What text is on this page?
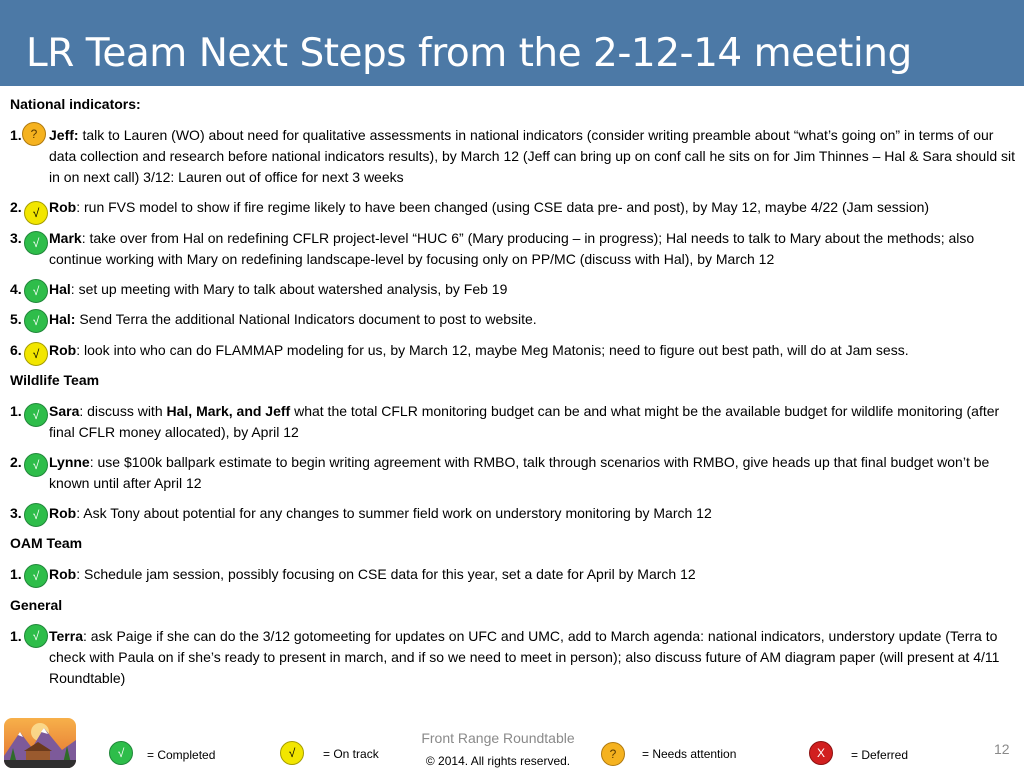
LR Team Next Steps from the 2-12-14 meeting
National indicators:
1. ? Jeff: talk to Lauren (WO) about need for qualitative assessments in national indicators (consider writing preamble about “what’s going on” in terms of our data collection and research before national indicators results), by March 12 (Jeff can bring up on conf call he sits on for Jim Thinnes – Hal & Sara should sit in on next call) 3/12: Lauren out of office for next 3 weeks
2. √ Rob: run FVS model to show if fire regime likely to have been changed (using CSE data pre- and post), by May 12, maybe 4/22 (Jam session)
3. √ Mark: take over from Hal on redefining CFLR project-level “HUC 6” (Mary producing – in progress); Hal needs to talk to Mary about the methods; also continue working with Mary on redefining landscape-level by focusing only on PP/MC (discuss with Hal), by March 12
4. √ Hal: set up meeting with Mary to talk about watershed analysis, by Feb 19
5. √ Hal: Send Terra the additional National Indicators document to post to website.
6. √ Rob: look into who can do FLAMMAP modeling for us, by March 12, maybe Meg Matonis; need to figure out best path, will do at Jam sess.
Wildlife Team
1. √ Sara: discuss with Hal, Mark, and Jeff what the total CFLR monitoring budget can be and what might be the available budget for wildlife monitoring (after final CFLR money allocated), by April 12
2. √ Lynne: use $100k ballpark estimate to begin writing agreement with RMBO, talk through scenarios with RMBO, give heads up that final budget won’t be known until after April 12
3. √ Rob: Ask Tony about potential for any changes to summer field work on understory monitoring by March 12
OAM Team
1. √ Rob: Schedule jam session, possibly focusing on CSE data for this year, set a date for April by March 12
General
1. √ Terra: ask Paige if she can do the 3/12 gotomeeting for updates on UFC and UMC, add to March agenda: national indicators, understory update (Terra to check with Paula on if she’s ready to present in march, and if so we need to meet in person); also discuss future of AM diagram paper (will present at 4/11 Roundtable)
√	= Completed	√	= On track
Front Range Roundtable
© 2014. All rights reserved.	?	= Needs attention	X	= Deferred	12
